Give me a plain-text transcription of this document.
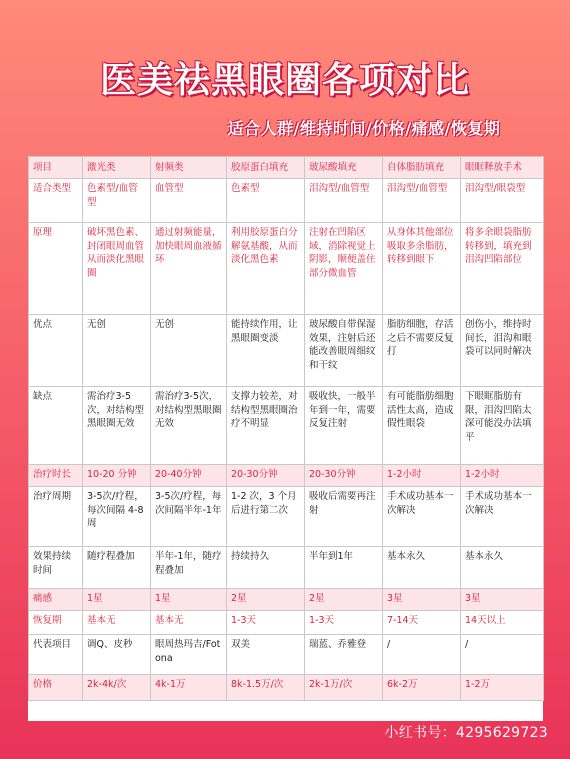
医美祛黑眼圈各项对比
适合人群/维持时间/价格/痛感/恢复期
项目	激光类	射频类	胶原蛋白填充	玻尿酸填充	自体脂肪填充	眼眶释放手术
适合类型	色素型/血管型	血管型	色素型	泪沟型/血管型	泪沟型/血管型	泪沟型/眼袋型
原理	破坏黑色素、封闭眼周血管从而淡化黑眼圈	通过射频能量，加快眼周血液循环	利用胶原蛋白分解氨基酸，从而淡化黑色素	注射在凹陷区域，消除视觉上阴影，顺便盖住部分微血管	从身体其他部位吸取多余脂肪，转移到眼下	将多余眼袋脂肪转移到，填充到泪沟凹陷部位
优点	无创	无创	能持续作用，让黑眼圈变淡	玻尿酸自带保湿效果，注射后还能改善眼周细纹和干纹	脂肪细胞，存活之后不需要反复打	创伤小，维持时间长，泪沟和眼袋可以同时解决
缺点	需治疗3-5次，对结构型黑眼圈无效	需治疗3-5次，对结构型黑眼圈无效	支撑力较差，对结构型黑眼圈治疗不明显	吸收快，一般半年到一年，需要反复注射	有可能脂肪细胞活性太高，造成假性眼袋	下眼眶脂肪有限，泪沟凹陷太深可能没办法填平
治疗时长	10-20 分钟	20-40分钟	20-30分钟	20-30分钟	1-2小时	1-2小时
治疗周期	3-5次/疗程，每次间隔 4-8周	3-5次/疗程，每次间隔半年-1年	1-2 次，3 个月后进行第二次	吸收后需要再注射	手术成功基本一次解决	手术成功基本一次解决
效果持续时间	随疗程叠加	半年-1年，随疗程叠加	持续持久	半年到1年	基本永久	基本永久
痛感	1星	1星	2星	2星	3星	3星
恢复期	基本无	基本无	1-3天	1-3天	7-14天	14天以上
代表项目	调Q、皮秒	眼周热玛吉/Fotona	双美	瑞蓝、乔雅登	/	/
价格	2k-4k/次	4k-1万	8k-1.5万/次	2k-1万/次	6k-2万	1-2万
小红书号：4295629723
